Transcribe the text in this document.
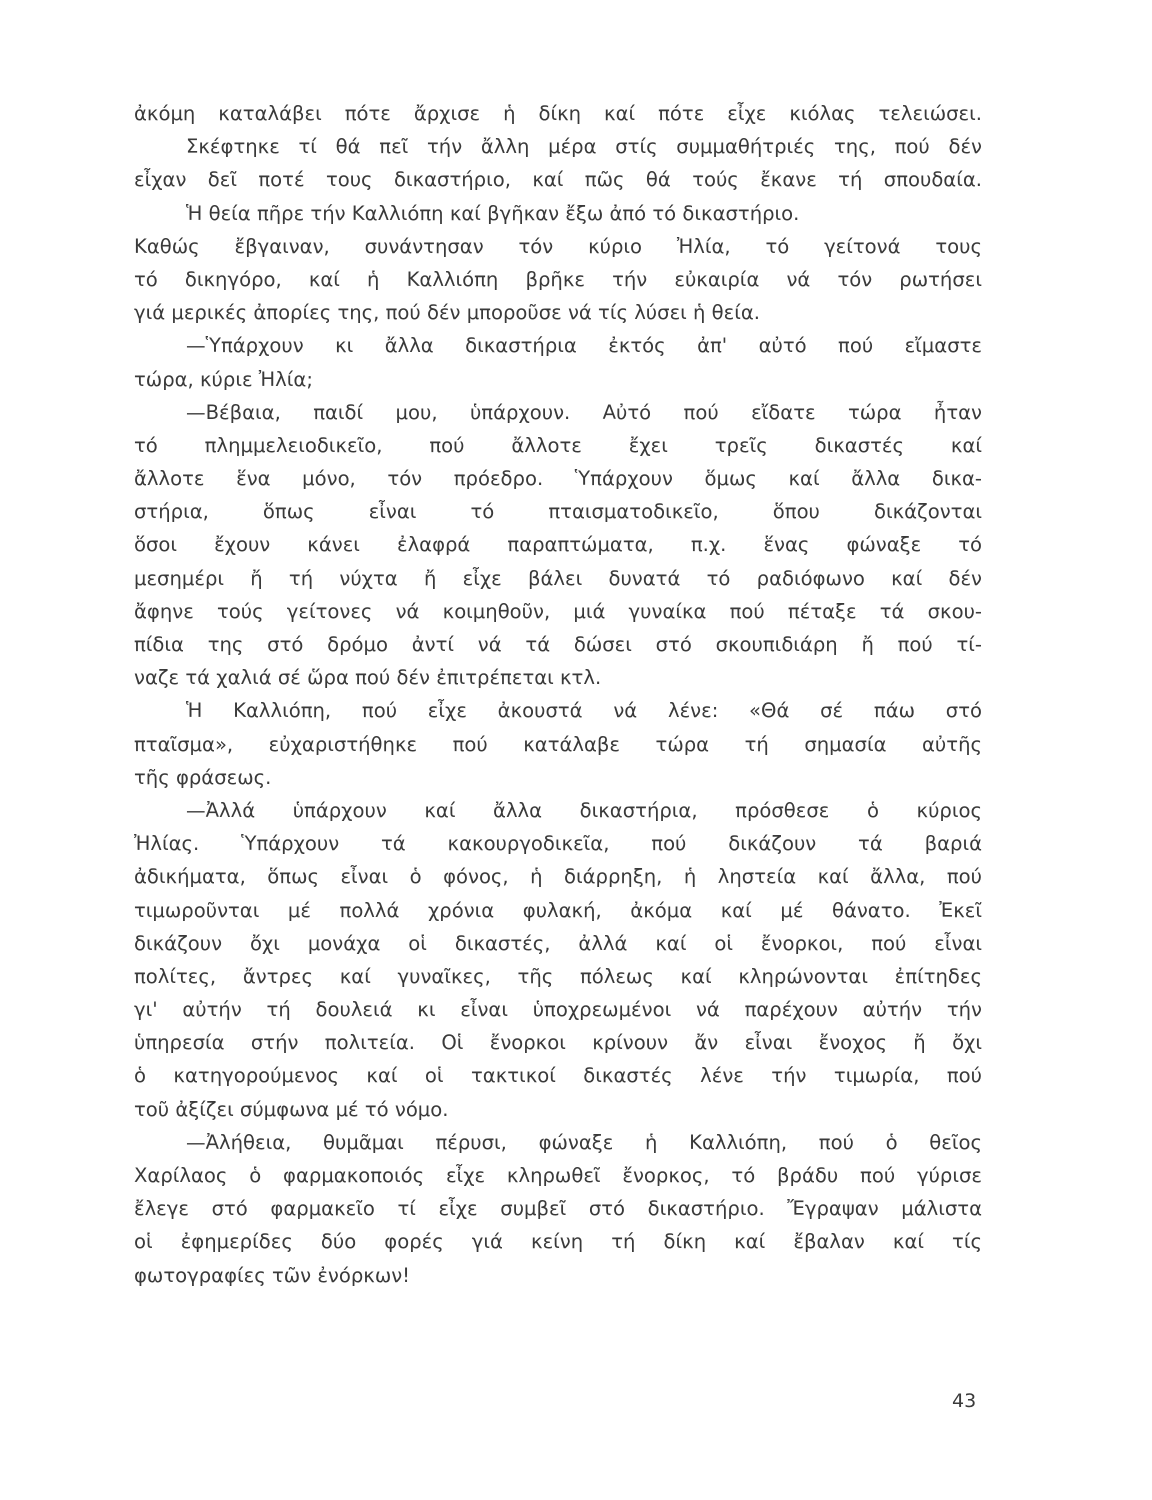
ἀκόμη καταλάβει πότε ἄρχισε ἡ δίκη καί πότε εἶχε κιόλας τελειώσει.
Σκέφτηκε τί θά πεῖ τήν ἄλλη μέρα στίς συμμαθήτριές της, πού δέν
εἶχαν δεῖ ποτέ τους δικαστήριο, καί πῶς θά τούς ἔκανε τή σπουδαία.
Ἡ θεία πῆρε τήν Καλλιόπη καί βγῆκαν ἔξω ἀπό τό δικαστήριο.
Καθώς ἔβγαιναν, συνάντησαν τόν κύριο Ἠλία, τό γείτονά τους
τό δικηγόρο, καί ἡ Καλλιόπη βρῆκε τήν εὐκαιρία νά τόν ρωτήσει
γιά μερικές ἀπορίες της, πού δέν μποροῦσε νά τίς λύσει ἡ θεία.
—Ὑπάρχουν κι ἄλλα δικαστήρια ἐκτός ἀπ' αὐτό πού εἴμαστε
τώρα, κύριε Ἠλία;
—Βέβαια, παιδί μου, ὑπάρχουν. Αὐτό πού εἴδατε τώρα ἦταν
τό πλημμελειοδικεῖο, πού ἄλλοτε ἔχει τρεῖς δικαστές καί
ἄλλοτε ἕνα μόνο, τόν πρόεδρο. Ὑπάρχουν ὅμως καί ἄλλα δικα-
στήρια, ὅπως εἶναι τό πταισματοδικεῖο, ὅπου δικάζονται
ὅσοι ἔχουν κάνει ἐλαφρά παραπτώματα, π.χ. ἕνας φώναξε τό
μεσημέρι ἤ τή νύχτα ἤ εἶχε βάλει δυνατά τό ραδιόφωνο καί δέν
ἄφηνε τούς γείτονες νά κοιμηθοῦν, μιά γυναίκα πού πέταξε τά σκου-
πίδια της στό δρόμο ἀντί νά τά δώσει στό σκουπιδιάρη ἤ πού τί-
ναζε τά χαλιά σέ ὥρα πού δέν ἐπιτρέπεται κτλ.
Ἡ Καλλιόπη, πού εἶχε ἀκουστά νά λένε: «Θά σέ πάω στό
πταῖσμα», εὐχαριστήθηκε πού κατάλαβε τώρα τή σημασία αὐτῆς
τῆς φράσεως.
—Ἀλλά ὑπάρχουν καί ἄλλα δικαστήρια, πρόσθεσε ὁ κύριος
Ἠλίας. Ὑπάρχουν τά κακουργοδικεῖα, πού δικάζουν τά βαριά
ἀδικήματα, ὅπως εἶναι ὁ φόνος, ἡ διάρρηξη, ἡ ληστεία καί ἄλλα, πού
τιμωροῦνται μέ πολλά χρόνια φυλακή, ἀκόμα καί μέ θάνατο. Ἐκεῖ
δικάζουν ὄχι μονάχα οἱ δικαστές, ἀλλά καί οἱ ἔνορκοι, πού εἶναι
πολίτες, ἄντρες καί γυναῖκες, τῆς πόλεως καί κληρώνονται ἐπίτηδες
γι' αὐτήν τή δουλειά κι εἶναι ὑποχρεωμένοι νά παρέχουν αὐτήν τήν
ὑπηρεσία στήν πολιτεία. Οἱ ἔνορκοι κρίνουν ἄν εἶναι ἔνοχος ἤ ὄχι
ὁ κατηγορούμενος καί οἱ τακτικοί δικαστές λένε τήν τιμωρία, πού
τοῦ ἀξίζει σύμφωνα μέ τό νόμο.
—Ἀλήθεια, θυμᾶμαι πέρυσι, φώναξε ἡ Καλλιόπη, πού ὁ θεῖος
Χαρίλαος ὁ φαρμακοποιός εἶχε κληρωθεῖ ἔνορκος, τό βράδυ πού γύρισε
ἔλεγε στό φαρμακεῖο τί εἶχε συμβεῖ στό δικαστήριο. Ἔγραψαν μάλιστα
οἱ ἐφημερίδες δύο φορές γιά κείνη τή δίκη καί ἔβαλαν καί τίς
φωτογραφίες τῶν ἐνόρκων!
43
